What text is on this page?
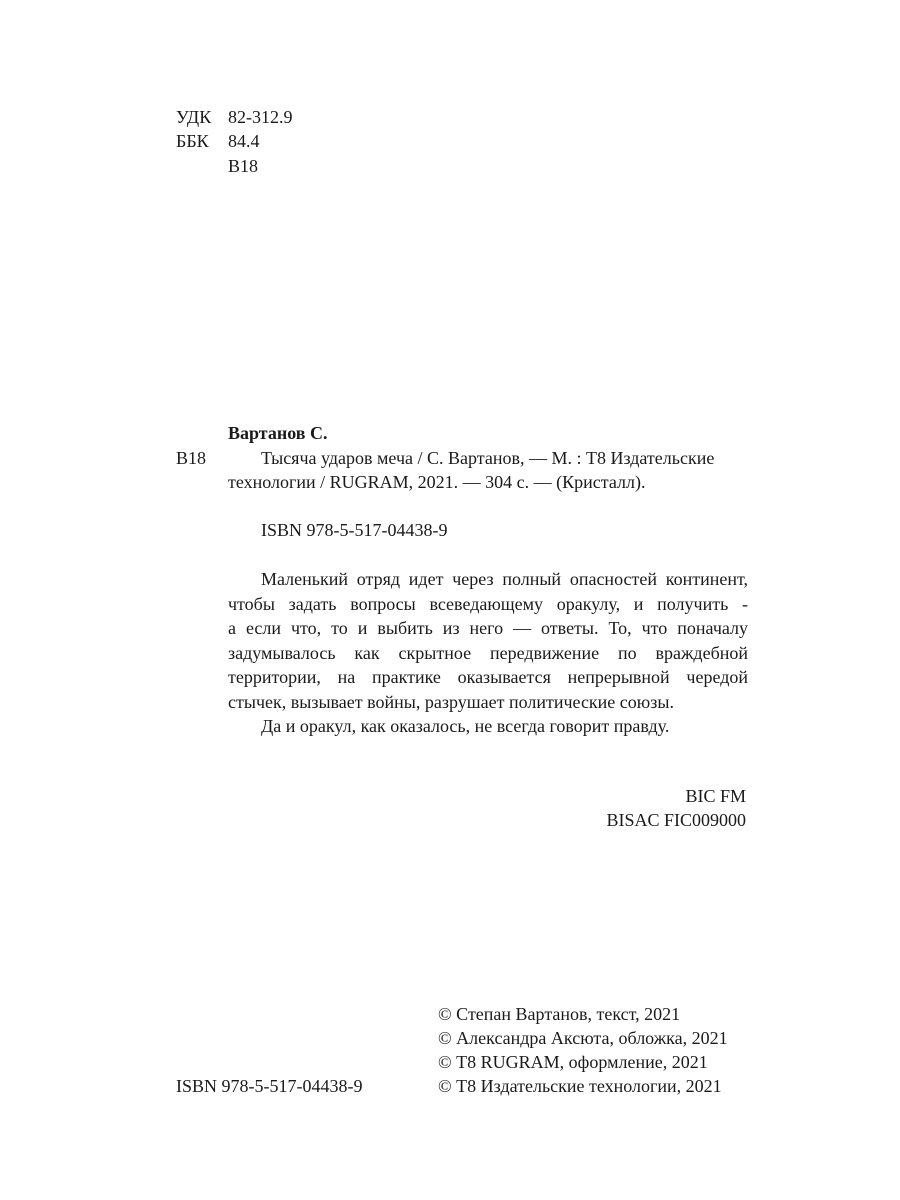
УДК 82-312.9
ББК 84.4
В18
Вартанов С.
В18	Тысяча ударов меча / С. Вартанов, — М. : Т8 Издательские
технологии / RUGRAM, 2021. — 304 с. — (Кристалл).
ISBN 978-5-517-04438-9
Маленький отряд идет через полный опасностей континент,
чтобы задать вопросы всеведающему оракулу, и получить -
а если что, то и выбить из него — ответы. То, что поначалу
задумывалось как скрытное передвижение по враждебной
территории, на практике оказывается непрерывной чередой
стычек, вызывает войны, разрушает политические союзы.
Да и оракул, как оказалось, не всегда говорит правду.
BIC FM
BISAC FIC009000
© Степан Вартанов, текст, 2021
© Александра Аксюта, обложка, 2021
© Т8 RUGRAM, оформление, 2021
© Т8 Издательские технологии, 2021
ISBN 978-5-517-04438-9
